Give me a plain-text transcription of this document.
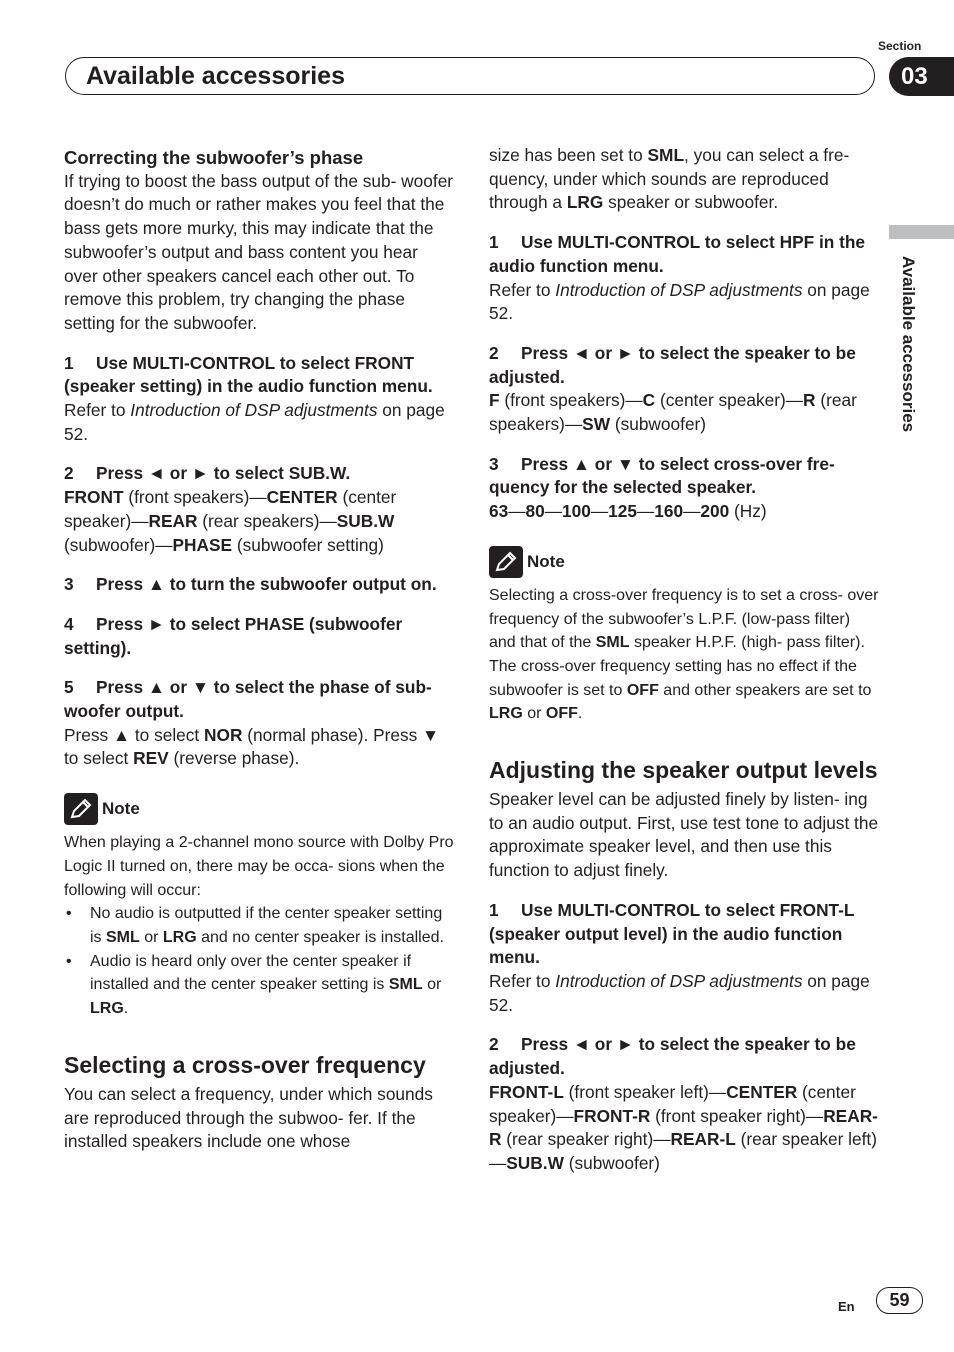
Section
Available accessories	03
Available accessories

Correcting the subwoofer’s phase

If trying to boost the bass output of the sub- woofer doesn’t do much or rather makes you feel that the bass gets more murky, this may indicate that the subwoofer’s output and bass content you hear over other speakers cancel each other out. To remove this problem, try changing the phase setting for the subwoofer.

1 Use MULTI-CONTROL to select FRONT (speaker setting) in the audio function menu.

Refer to Introduction of DSP adjustments on page 52.

2 Press ◄ or ► to select SUB.W.

FRONT (front speakers)—CENTER (center speaker)—REAR (rear speakers)—SUB.W (subwoofer)—PHASE (subwoofer setting)

3 Press ▲ to turn the subwoofer output on.

4 Press ► to select PHASE (subwoofer setting).

5 Press ▲ or ▼ to select the phase of sub- woofer output.

Press ▲ to select NOR (normal phase). Press ▼ to select REV (reverse phase).

Note

When playing a 2-channel mono source with Dolby Pro Logic II turned on, there may be occa- sions when the following will occur:

• No audio is outputted if the center speaker setting is SML or LRG and no center speaker is installed.

• Audio is heard only over the center speaker if installed and the center speaker setting is SML or LRG.

Selecting a cross-over frequency

You can select a frequency, under which sounds are reproduced through the subwoo- fer. If the installed speakers include one whose

size has been set to SML, you can select a fre- quency, under which sounds are reproduced through a LRG speaker or subwoofer.

1 Use MULTI-CONTROL to select HPF in the audio function menu.

Refer to Introduction of DSP adjustments on page 52.

2 Press ◄ or ► to select the speaker to be adjusted.

F (front speakers)—C (center speaker)—R (rear speakers)—SW (subwoofer)

3 Press ▲ or ▼ to select cross-over fre- quency for the selected speaker.

63—80—100—125—160—200 (Hz)

Note

Selecting a cross-over frequency is to set a cross- over frequency of the subwoofer’s L.P.F. (low-pass filter) and that of the SML speaker H.P.F. (high- pass filter). The cross-over frequency setting has no effect if the subwoofer is set to OFF and other speakers are set to LRG or OFF.

Adjusting the speaker output levels

Speaker level can be adjusted finely by listen- ing to an audio output. First, use test tone to adjust the approximate speaker level, and then use this function to adjust finely.

1 Use MULTI-CONTROL to select FRONT-L (speaker output level) in the audio function menu.

Refer to Introduction of DSP adjustments on page 52.

2 Press ◄ or ► to select the speaker to be adjusted.

FRONT-L (front speaker left)—CENTER (center speaker)—FRONT-R (front speaker right)—REAR-R (rear speaker right)—REAR-L (rear speaker left)—SUB.W (subwoofer)

En	59
